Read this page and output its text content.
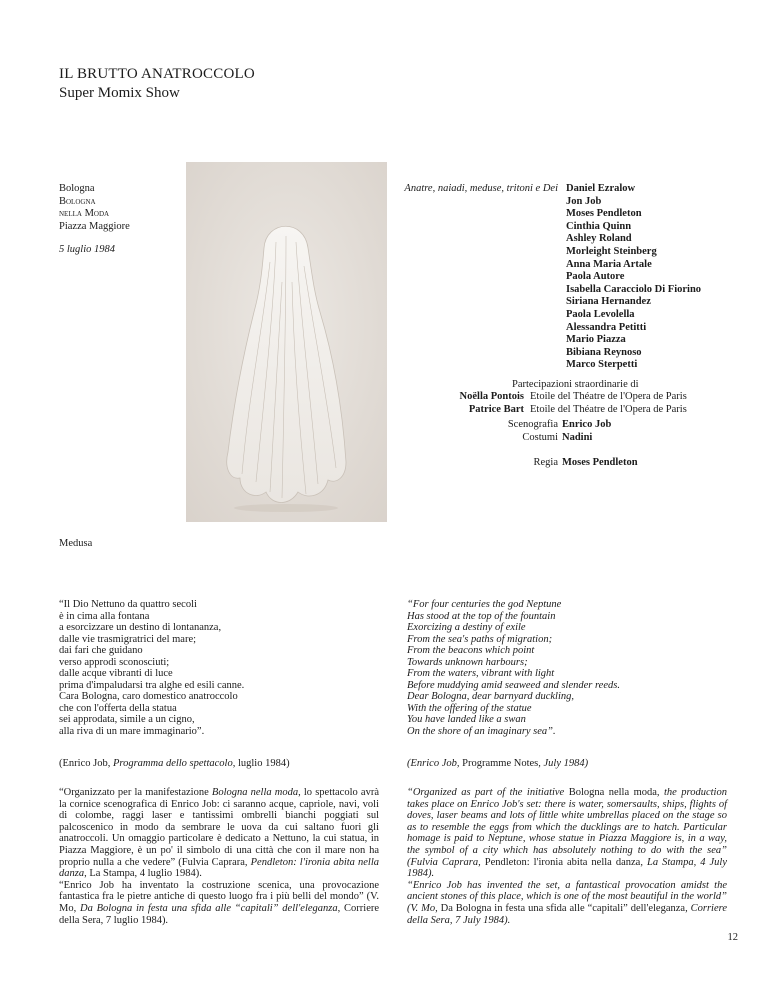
IL BRUTTO ANATROCCOLO
Super Momix Show
Bologna
Bologna
nella Moda
Piazza Maggiore
5 luglio 1984
Anatre, naiadi, meduse, tritoni e Dei Daniel Ezralow
Jon Job
Moses Pendleton
Cinthia Quinn
Ashley Roland
Morleight Steinberg
Anna Maria Artale
Paola Autore
Isabella Caracciolo Di Fiorino
Siriana Hernandez
Paola Levolella
Alessandra Petitti
Mario Piazza
Bibiana Reynoso
Marco Sterpetti
Partecipazioni straordinarie di
Noëlla Pontois Etoile del Théatre de l'Opera de Paris
Patrice Bart Etoile del Théatre de l'Opera de Paris
Scenografia Enrico Job
Costumi Nadini
Regia Moses Pendleton
Medusa
“Il Dio Nettuno da quattro secoli
è in cima alla fontana
a esorcizzare un destino di lontananza,
dalle vie trasmigratrici del mare;
dai fari che guidano
verso approdi sconosciuti;
dalle acque vibranti di luce
prima d'impaludarsi tra alghe ed esili canne.
Cara Bologna, caro domestico anatroccolo
che con l'offerta della statua
sei approdata, simile a un cigno,
alla riva di un mare immaginario”.
“For four centuries the god Neptune
Has stood at the top of the fountain
Exorcizing a destiny of exile
From the sea's paths of migration;
From the beacons which point
Towards unknown harbours;
From the waters, vibrant with light
Before muddying amid seaweed and slender reeds.
Dear Bologna, dear barnyard duckling,
With the offering of the statue
You have landed like a swan
On the shore of an imaginary sea”.
(Enrico Job, Programma dello spettacolo, luglio 1984)	(Enrico Job, Programme Notes, July 1984)

“Organizzato per la manifestazione Bologna nella moda, lo spettacolo avrà la cornice scenografica di Enrico Job: ci saranno acque, capriole, navi, voli di colombe, raggi laser e tantissimi ombrelli bianchi poggiati sul palcoscenico in modo da sembrare le uova da cui saltano fuori gli anatroccoli. Un omaggio particolare è dedicato a Nettuno, la cui statua, in Piazza Maggiore, è un po' il simbolo di una città che con il mare non ha proprio nulla a che vedere” (Fulvia Caprara, Pendleton: l'ironia abita nella danza, La Stampa, 4 luglio 1984).

“Enrico Job ha inventato la costruzione scenica, una provocazione fantastica fra le pietre antiche di questo luogo fra i più belli del mondo” (V. Mo, Da Bologna in festa una sfida alle “capitali” dell'eleganza, Corriere della Sera, 7 luglio 1984).

“Organized as part of the initiative Bologna nella moda, the production takes place on Enrico Job's set: there is water, somersaults, ships, flights of doves, laser beams and lots of little white umbrellas placed on the stage so as to resemble the eggs from which the ducklings are to hatch. Particular homage is paid to Neptune, whose statue in Piazza Maggiore is, in a way, the symbol of a city which has absolutely nothing to do with the sea” (Fulvia Caprara, Pendleton: l'ironia abita nella danza, La Stampa, 4 July 1984).

“Enrico Job has invented the set, a fantastical provocation amidst the ancient stones of this place, which is one of the most beautiful in the world” (V. Mo, Da Bologna in festa una sfida alle “capitali” dell'eleganza, Corriere della Sera, 7 July 1984).

12
